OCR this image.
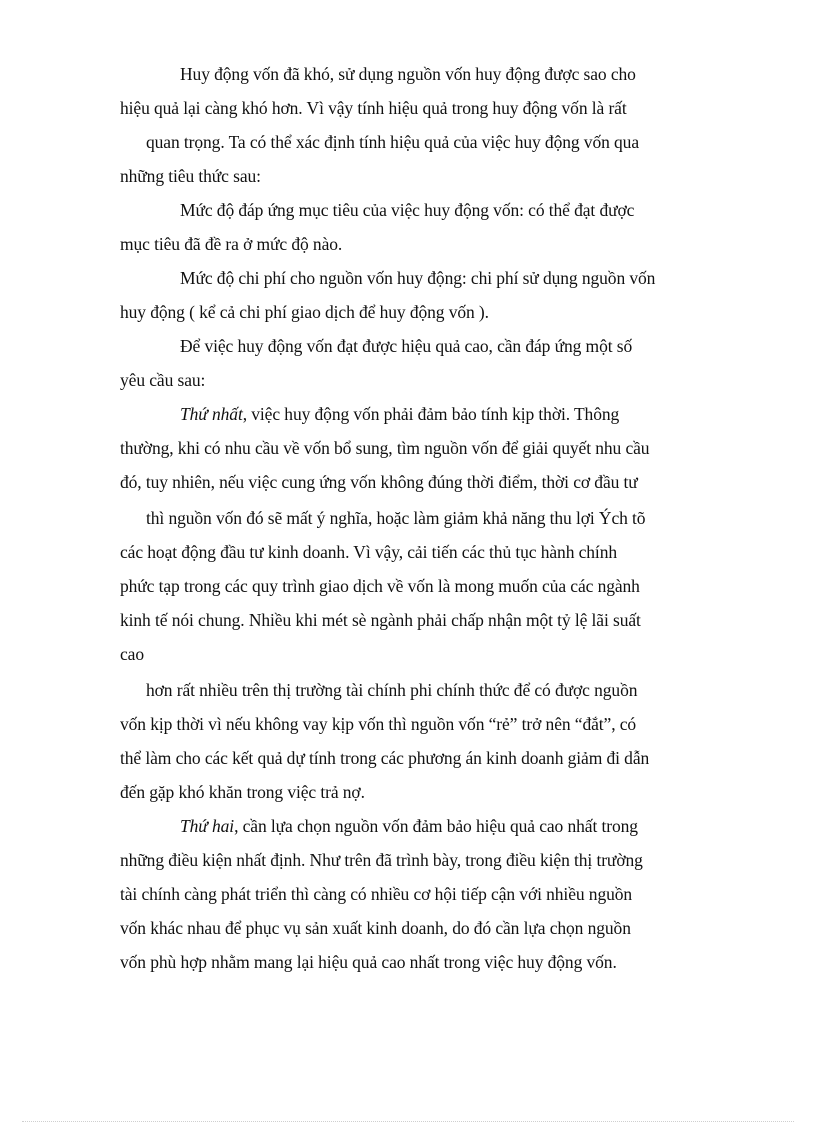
Huy động vốn đã khó, sử dụng nguồn vốn huy động được sao cho
hiệu quả lại càng khó hơn. Vì vậy tính hiệu quả trong huy động vốn là rất
quan trọng. Ta có thể xác định tính hiệu quả của việc huy động vốn qua
những tiêu thức sau:
Mức độ đáp ứng mục tiêu của việc huy động vốn: có thể đạt được
mục tiêu đã đề ra ở mức độ nào.
Mức độ chi phí cho nguồn vốn huy động: chi phí sử dụng nguồn vốn
huy động ( kể cả chi phí giao dịch để huy động vốn ).
Để việc huy động vốn đạt được hiệu quả cao, cần đáp ứng một số
yêu cầu sau:
Thứ nhất, việc huy động vốn phải đảm bảo tính kịp thời. Thông
thường, khi có nhu cầu về vốn bổ sung, tìm nguồn vốn để giải quyết nhu cầu
đó, tuy nhiên, nếu việc cung ứng vốn không đúng thời điểm, thời cơ đầu tư
thì nguồn vốn đó sẽ mất ý nghĩa, hoặc làm giảm khả năng thu lợi Ých tõ
các hoạt động đầu tư kinh doanh. Vì vậy, cải tiến các thủ tục hành chính
phức tạp trong các quy trình giao dịch về vốn là mong muốn của các ngành
kinh tế nói chung. Nhiều khi mét sè ngành phải chấp nhận một tỷ lệ lãi suất
cao
hơn rất nhiều trên thị trường tài chính phi chính thức để có được nguồn
vốn kịp thời vì nếu không vay kịp vốn thì nguồn vốn “rẻ” trở nên “đắt”, có
thể làm cho các kết quả dự tính trong các phương án kinh doanh giảm đi dẫn
đến gặp khó khăn trong việc trả nợ.
Thứ hai, cần lựa chọn nguồn vốn đảm bảo hiệu quả cao nhất trong
những điều kiện nhất định. Như trên đã trình bày, trong điều kiện thị trường
tài chính càng phát triển thì càng có nhiều cơ hội tiếp cận với nhiều nguồn
vốn khác nhau để phục vụ sản xuất kinh doanh, do đó cần lựa chọn nguồn
vốn phù hợp nhằm mang lại hiệu quả cao nhất trong việc huy động vốn.
